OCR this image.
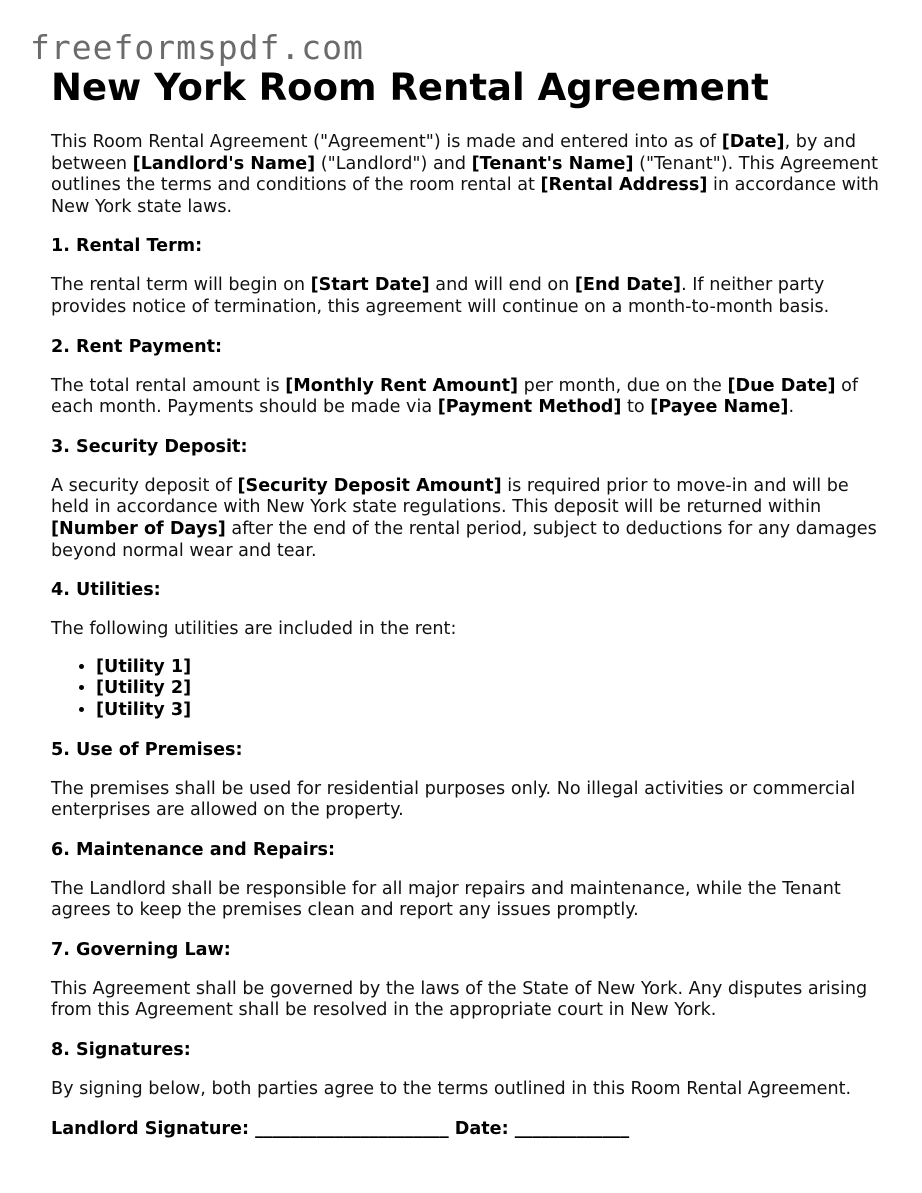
freeformspdf.com
New York Room Rental Agreement

This Room Rental Agreement ("Agreement") is made and entered into as of [Date], by and between [Landlord's Name] ("Landlord") and [Tenant's Name] ("Tenant"). This Agreement outlines the terms and conditions of the room rental at [Rental Address] in accordance with New York state laws.

1. Rental Term:

The rental term will begin on [Start Date] and will end on [End Date]. If neither party provides notice of termination, this agreement will continue on a month-to-month basis.

2. Rent Payment:

The total rental amount is [Monthly Rent Amount] per month, due on the [Due Date] of each month. Payments should be made via [Payment Method] to [Payee Name].

3. Security Deposit:

A security deposit of [Security Deposit Amount] is required prior to move-in and will be held in accordance with New York state regulations. This deposit will be returned within [Number of Days] after the end of the rental period, subject to deductions for any damages beyond normal wear and tear.

4. Utilities:

The following utilities are included in the rent:

• [Utility 1]
• [Utility 2]
• [Utility 3]
5. Use of Premises:

The premises shall be used for residential purposes only. No illegal activities or commercial enterprises are allowed on the property.

6. Maintenance and Repairs:

The Landlord shall be responsible for all major repairs and maintenance, while the Tenant agrees to keep the premises clean and report any issues promptly.

7. Governing Law:

This Agreement shall be governed by the laws of the State of New York. Any disputes arising from this Agreement shall be resolved in the appropriate court in New York.

8. Signatures:

By signing below, both parties agree to the terms outlined in this Room Rental Agreement.

Landlord Signature: ______________________ Date: _____________
